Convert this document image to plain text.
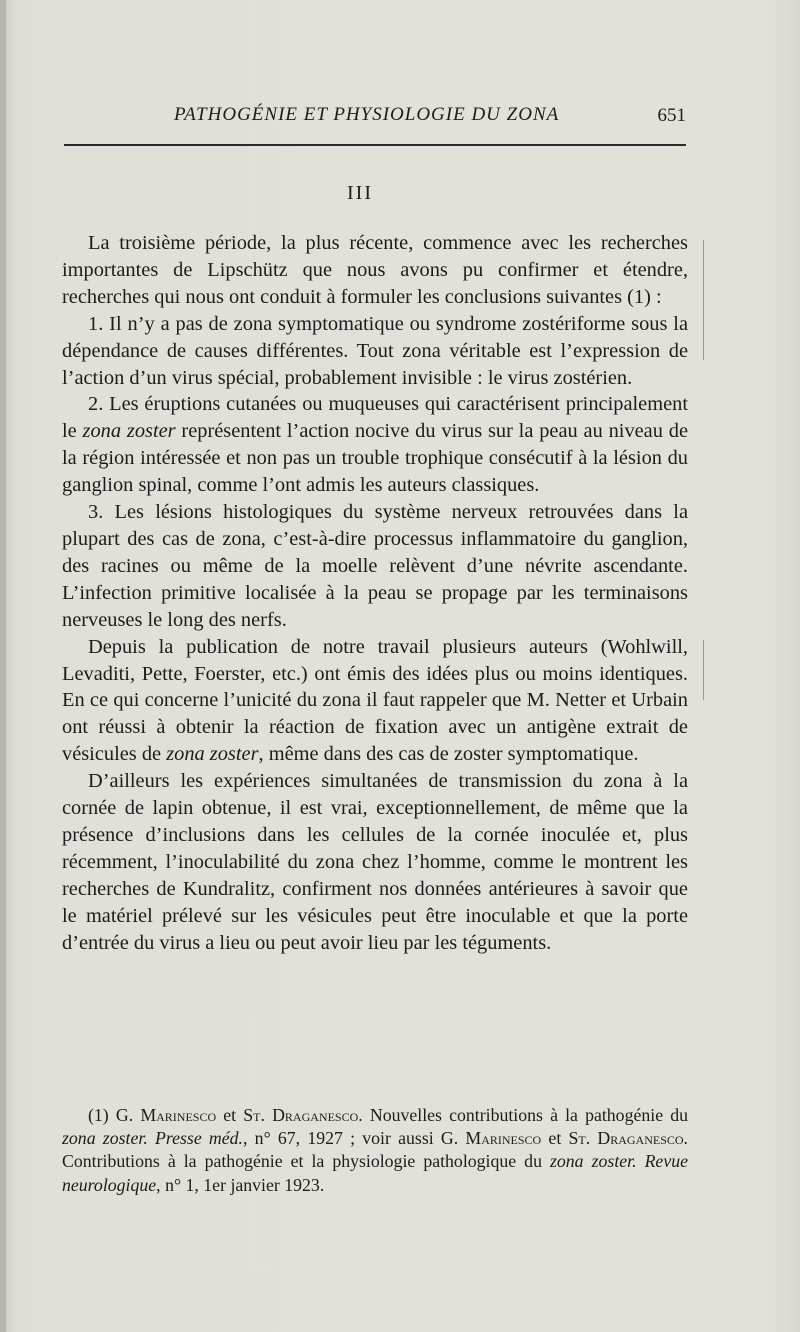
PATHOGÉNIE ET PHYSIOLOGIE DU ZONA	651
III

La troisième période, la plus récente, commence avec les recherches importantes de Lipschütz que nous avons pu confirmer et étendre, recherches qui nous ont conduit à formuler les conclusions suivantes (1) :

1. Il n’y a pas de zona symptomatique ou syndrome zostériforme sous la dépendance de causes différentes. Tout zona véritable est l’expression de l’action d’un virus spécial, probablement invisible : le virus zostérien.

2. Les éruptions cutanées ou muqueuses qui caractérisent principalement le zona zoster représentent l’action nocive du virus sur la peau au niveau de la région intéressée et non pas un trouble trophique consécutif à la lésion du ganglion spinal, comme l’ont admis les auteurs classiques.

3. Les lésions histologiques du système nerveux retrouvées dans la plupart des cas de zona, c’est-à-dire processus inflammatoire du ganglion, des racines ou même de la moelle relèvent d’une névrite ascendante. L’infection primitive localisée à la peau se propage par les terminaisons nerveuses le long des nerfs.

Depuis la publication de notre travail plusieurs auteurs (Wohlwill, Levaditi, Pette, Foerster, etc.) ont émis des idées plus ou moins identiques. En ce qui concerne l’unicité du zona il faut rappeler que M. Netter et Urbain ont réussi à obtenir la réaction de fixation avec un antigène extrait de vésicules de zona zoster, même dans des cas de zoster symptomatique.

D’ailleurs les expériences simultanées de transmission du zona à la cornée de lapin obtenue, il est vrai, exceptionnellement, de même que la présence d’inclusions dans les cellules de la cornée inoculée et, plus récemment, l’inoculabilité du zona chez l’homme, comme le montrent les recherches de Kundralitz, confirment nos données antérieures à savoir que le matériel prélevé sur les vésicules peut être inoculable et que la porte d’entrée du virus a lieu ou peut avoir lieu par les téguments.

(1) G. Marinesco et St. Draganesco. Nouvelles contributions à la pathogénie du zona zoster. Presse méd., n° 67, 1927 ; voir aussi G. Marinesco et St. Draganesco. Contributions à la pathogénie et la physiologie pathologique du zona zoster. Revue neurologique, n° 1, 1er janvier 1923.
